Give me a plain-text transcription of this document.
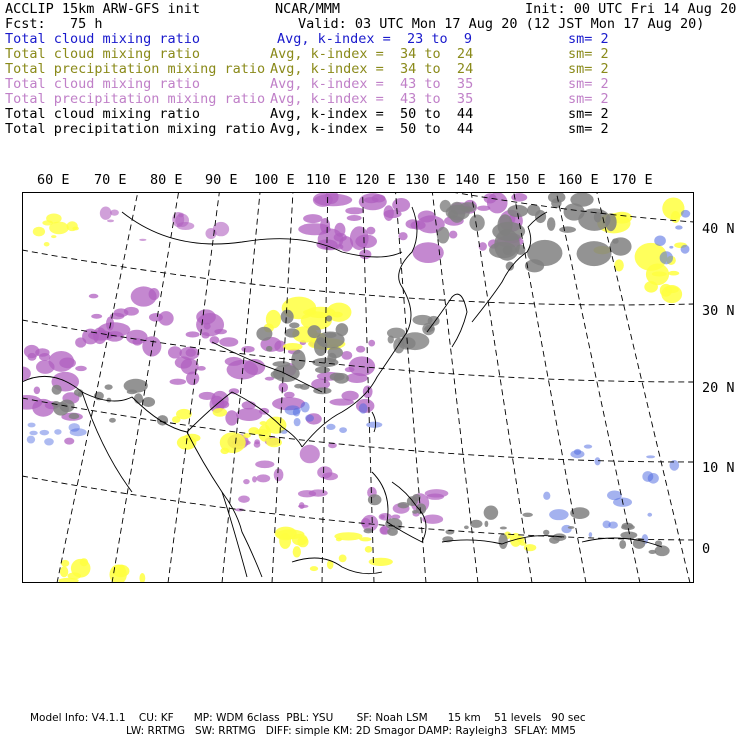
ACCLIP 15km ARW-GFS init	NCAR/MMM	Init: 00 UTC Fri 14 Aug 20
Fcst:   75 h	Valid: 03 UTC Mon 17 Aug 20 (12 JST Mon 17 Aug 20)
Total cloud mixing ratio	Avg, k-index =  23 to  9	sm= 2
Total cloud mixing ratio	Avg, k-index =  34 to  24	sm= 2
Total precipitation mixing ratio Avg, k-index =  34 to  24	sm= 2
Total cloud mixing ratio	Avg, k-index =  43 to  35	sm= 2
Total precipitation mixing ratio Avg, k-index =  43 to  35	sm= 2
Total cloud mixing ratio	Avg, k-index =  50 to  44	sm= 2
Total precipitation mixing ratio Avg, k-index =  50 to  44	sm= 2
60 E 70 E 80 E 90 E 100 E 110 E 120 E 130 E 140 E 150 E 160 E 170 E
40 N
30 N
20 N
10 N
0
Model Info: V4.1.1    CU: KF      MP: WDM 6class  PBL: YSU       SF: Noah LSM      15 km    51 levels   90 sec
LW: RRTMG   SW: RRTMG   DIFF: simple KM: 2D Smagor DAMP: Rayleigh3  SFLAY: MM5
